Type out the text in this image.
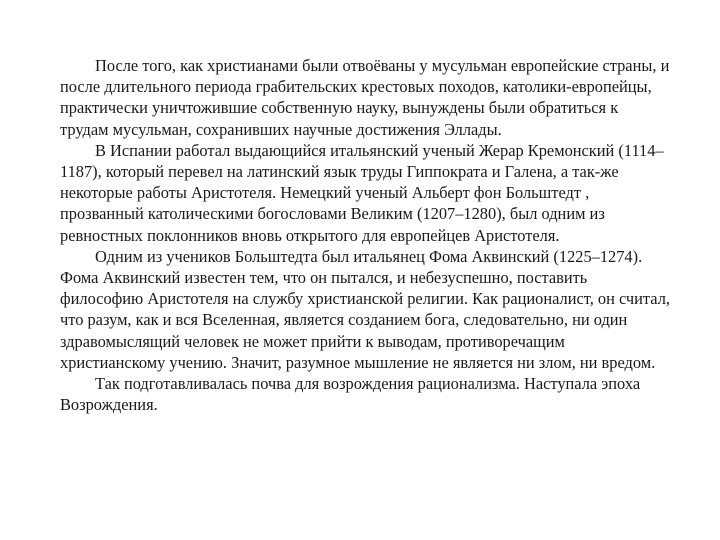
После того, как христианами были отвоёваны у мусульман европейские страны, и после длительного периода грабительских крестовых походов, католики-европейцы, практически уничтожившие собственную науку, вынуждены были обратиться к трудам мусульман, сохранивших научные достижения Эллады.

В Испании работал выдающийся итальянский ученый Жерар Кремонский (1114–1187), который перевел на латинский язык труды Гиппократа и Галена, а так-же некоторые работы Аристотеля. Немецкий ученый Альберт фон Больштедт , прозванный католическими богословами Великим (1207–1280), был одним из ревностных поклонников вновь открытого для европейцев Аристотеля.

Одним из учеников Больштедта был итальянец Фома Аквинский (1225–1274). Фома Аквинский известен тем, что он пытался, и небезуспешно, поставить философию Аристотеля на службу христианской религии. Как рационалист, он считал, что разум, как и вся Вселенная, является созданием бога, следовательно, ни один здравомыслящий человек не может прийти к выводам, противоречащим христианскому учению. Значит, разумное мышление не является ни злом, ни вредом.

Так подготавливалась почва для возрождения рационализма. Наступала эпоха Возрождения.
